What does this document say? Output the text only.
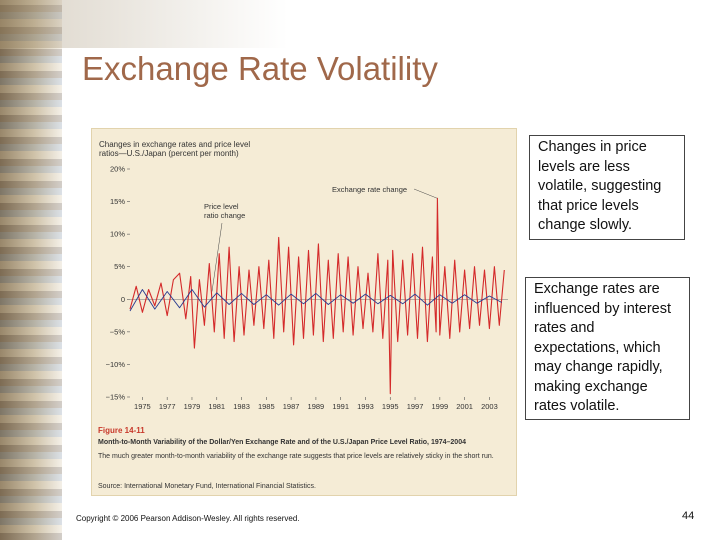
Exchange Rate Volatility
Changes in exchange rates and price level ratios—U.S./Japan (percent per month)
20%
15%
10%
5%
0
−5%
−10%
−15%
1975 1977 1979 1981 1983 1985 1987 1989 1991 1993 1995 1997 1999 2001 2003
Exchange rate change
Price level ratio change
Figure 14-11
Month-to-Month Variability of the Dollar/Yen Exchange Rate and of the U.S./Japan Price Level Ratio, 1974–2004
The much greater month-to-month variability of the exchange rate suggests that price levels are relatively sticky in the short run.
Source: International Monetary Fund, International Financial Statistics.
Changes in price levels are less volatile, suggesting that price levels change slowly.
Exchange rates are influenced by interest rates and expectations, which may change rapidly, making exchange rates volatile.
Copyright © 2006 Pearson Addison-Wesley. All rights reserved.	44
